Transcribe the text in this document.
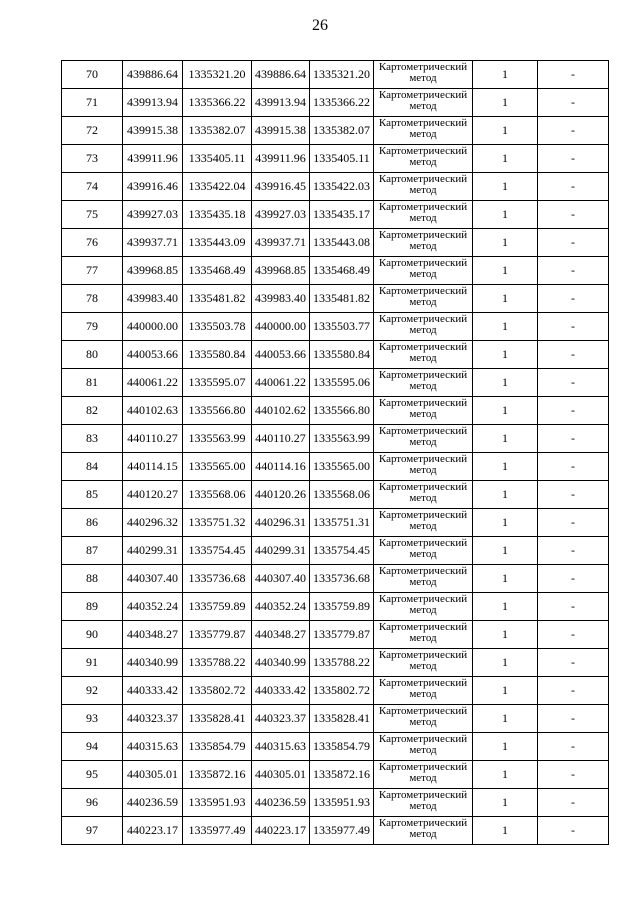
26
70	439886.64	1335321.20	439886.64	1335321.20	Картометрический метод	1	-
71	439913.94	1335366.22	439913.94	1335366.22	Картометрический метод	1	-
72	439915.38	1335382.07	439915.38	1335382.07	Картометрический метод	1	-
73	439911.96	1335405.11	439911.96	1335405.11	Картометрический метод	1	-
74	439916.46	1335422.04	439916.45	1335422.03	Картометрический метод	1	-
75	439927.03	1335435.18	439927.03	1335435.17	Картометрический метод	1	-
76	439937.71	1335443.09	439937.71	1335443.08	Картометрический метод	1	-
77	439968.85	1335468.49	439968.85	1335468.49	Картометрический метод	1	-
78	439983.40	1335481.82	439983.40	1335481.82	Картометрический метод	1	-
79	440000.00	1335503.78	440000.00	1335503.77	Картометрический метод	1	-
80	440053.66	1335580.84	440053.66	1335580.84	Картометрический метод	1	-
81	440061.22	1335595.07	440061.22	1335595.06	Картометрический метод	1	-
82	440102.63	1335566.80	440102.62	1335566.80	Картометрический метод	1	-
83	440110.27	1335563.99	440110.27	1335563.99	Картометрический метод	1	-
84	440114.15	1335565.00	440114.16	1335565.00	Картометрический метод	1	-
85	440120.27	1335568.06	440120.26	1335568.06	Картометрический метод	1	-
86	440296.32	1335751.32	440296.31	1335751.31	Картометрический метод	1	-
87	440299.31	1335754.45	440299.31	1335754.45	Картометрический метод	1	-
88	440307.40	1335736.68	440307.40	1335736.68	Картометрический метод	1	-
89	440352.24	1335759.89	440352.24	1335759.89	Картометрический метод	1	-
90	440348.27	1335779.87	440348.27	1335779.87	Картометрический метод	1	-
91	440340.99	1335788.22	440340.99	1335788.22	Картометрический метод	1	-
92	440333.42	1335802.72	440333.42	1335802.72	Картометрический метод	1	-
93	440323.37	1335828.41	440323.37	1335828.41	Картометрический метод	1	-
94	440315.63	1335854.79	440315.63	1335854.79	Картометрический метод	1	-
95	440305.01	1335872.16	440305.01	1335872.16	Картометрический метод	1	-
96	440236.59	1335951.93	440236.59	1335951.93	Картометрический метод	1	-
97	440223.17	1335977.49	440223.17	1335977.49	Картометрический метод	1	-
